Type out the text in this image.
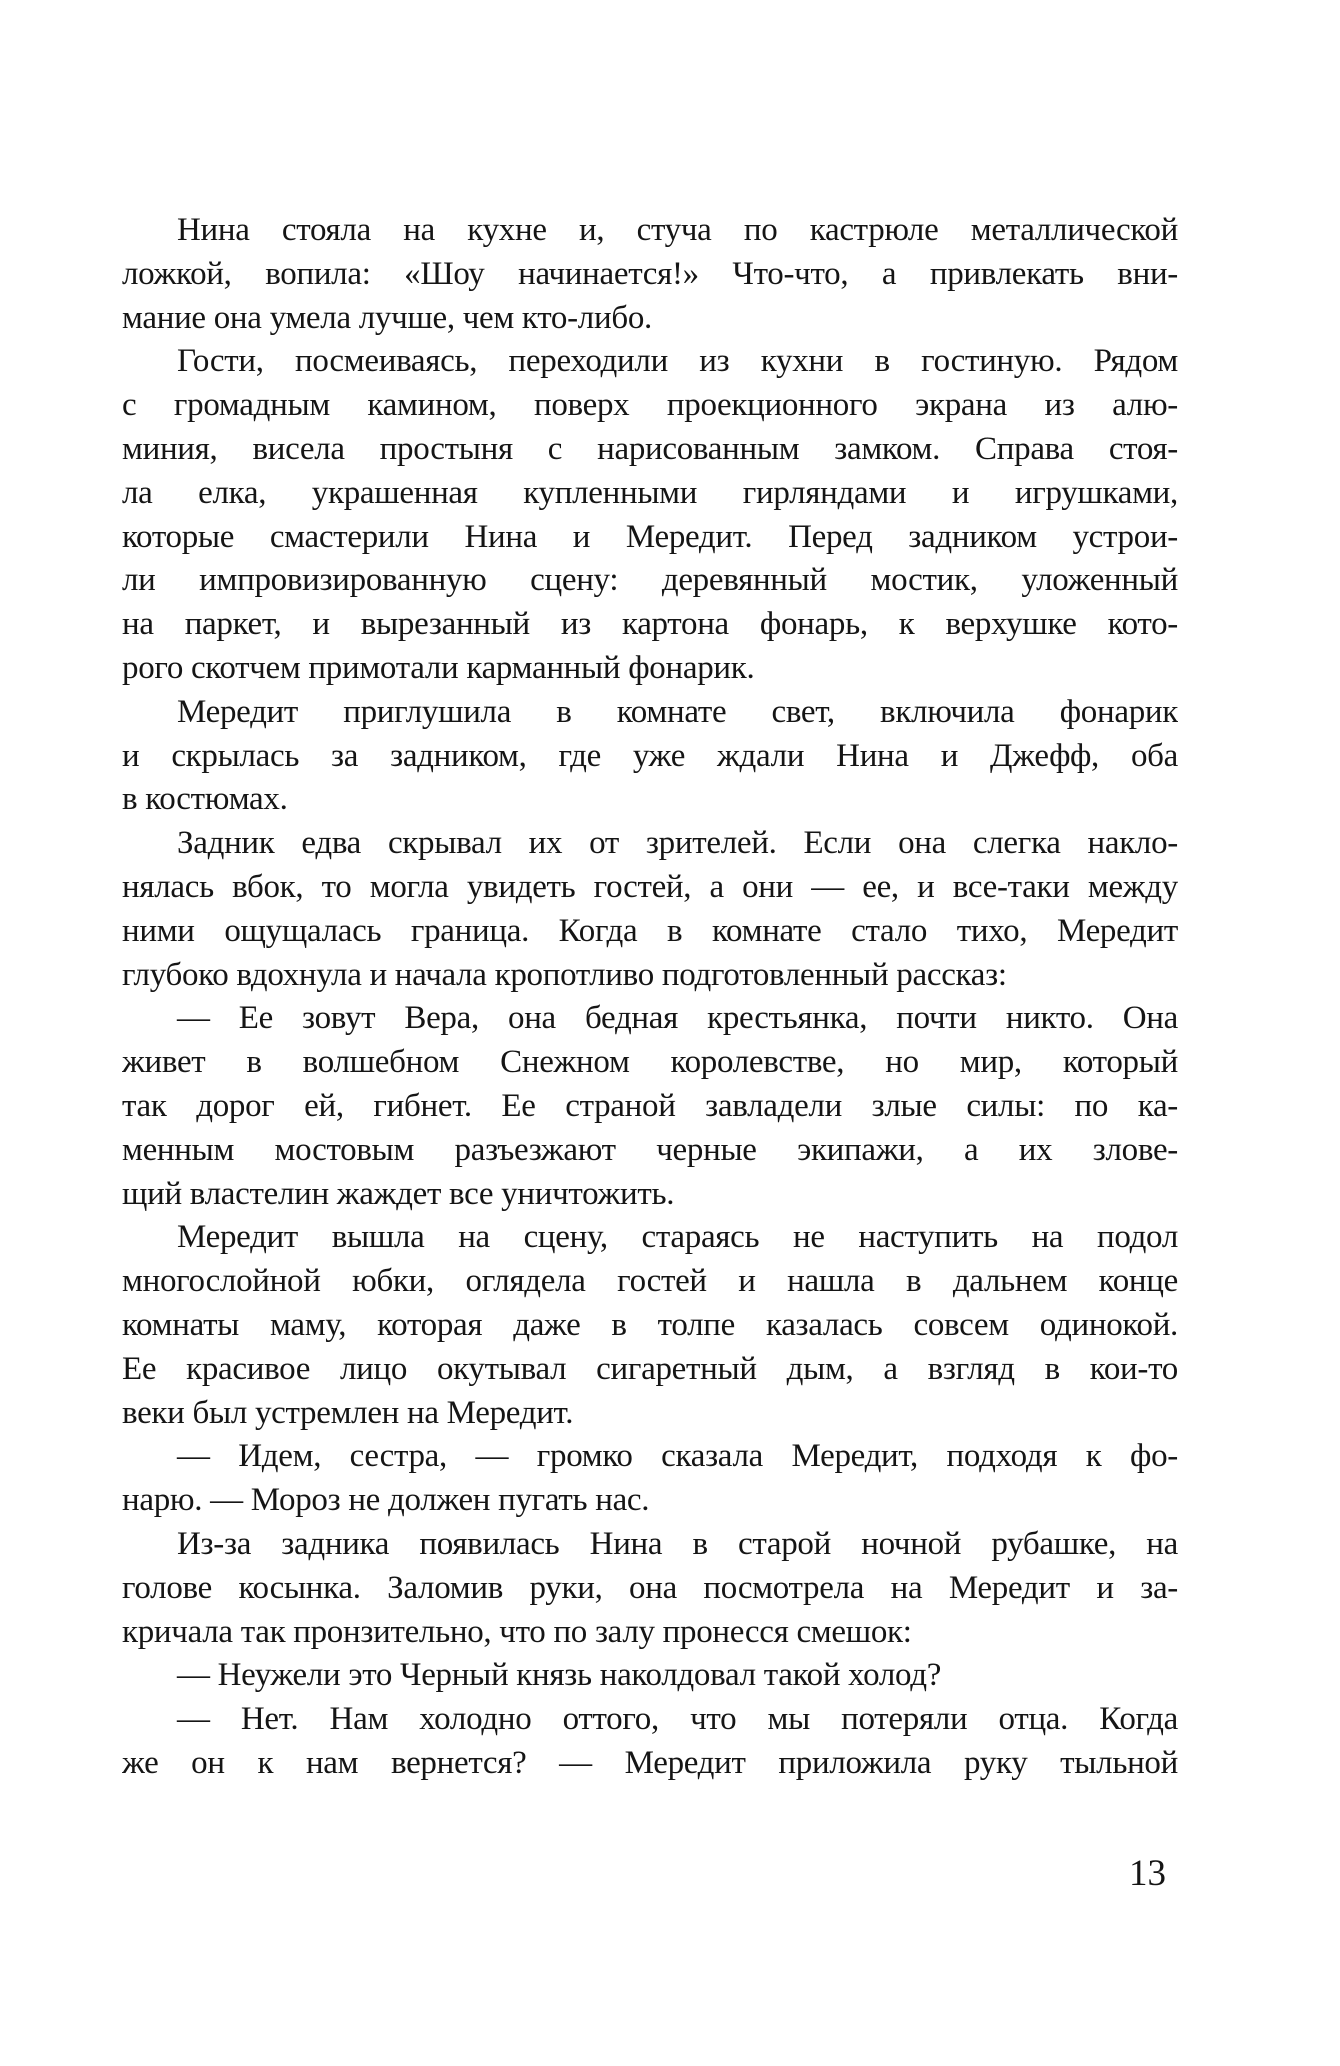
Нина стояла на кухне и, стуча по кастрюле металлической
ложкой, вопила: «Шоу начинается!» Что-что, а привлекать вни-
мание она умела лучше, чем кто-либо.
Гости, посмеиваясь, переходили из кухни в гостиную. Рядом
с громадным камином, поверх проекционного экрана из алю-
миния, висела простыня с нарисованным замком. Справа стоя-
ла елка, украшенная купленными гирляндами и игрушками,
которые смастерили Нина и Мередит. Перед задником устрои-
ли импровизированную сцену: деревянный мостик, уложенный
на паркет, и вырезанный из картона фонарь, к верхушке кото-
рого скотчем примотали карманный фонарик.
Мередит приглушила в комнате свет, включила фонарик
и скрылась за задником, где уже ждали Нина и Джефф, оба
в костюмах.
Задник едва скрывал их от зрителей. Если она слегка накло-
нялась вбок, то могла увидеть гостей, а они — ее, и все-таки между
ними ощущалась граница. Когда в комнате стало тихо, Мередит
глубоко вдохнула и начала кропотливо подготовленный рассказ:
— Ее зовут Вера, она бедная крестьянка, почти никто. Она
живет в волшебном Снежном королевстве, но мир, который
так дорог ей, гибнет. Ее страной завладели злые силы: по ка-
менным мостовым разъезжают черные экипажи, а их злове-
щий властелин жаждет все уничтожить.
Мередит вышла на сцену, стараясь не наступить на подол
многослойной юбки, оглядела гостей и нашла в дальнем конце
комнаты маму, которая даже в толпе казалась совсем одинокой.
Ее красивое лицо окутывал сигаретный дым, а взгляд в кои-то
веки был устремлен на Мередит.
— Идем, сестра, — громко сказала Мередит, подходя к фо-
нарю. — Мороз не должен пугать нас.
Из-за задника появилась Нина в старой ночной рубашке, на
голове косынка. Заломив руки, она посмотрела на Мередит и за-
кричала так пронзительно, что по залу пронесся смешок:
— Неужели это Черный князь наколдовал такой холод?
— Нет. Нам холодно оттого, что мы потеряли отца. Когда
же он к нам вернется? — Мередит приложила руку тыльной
13
